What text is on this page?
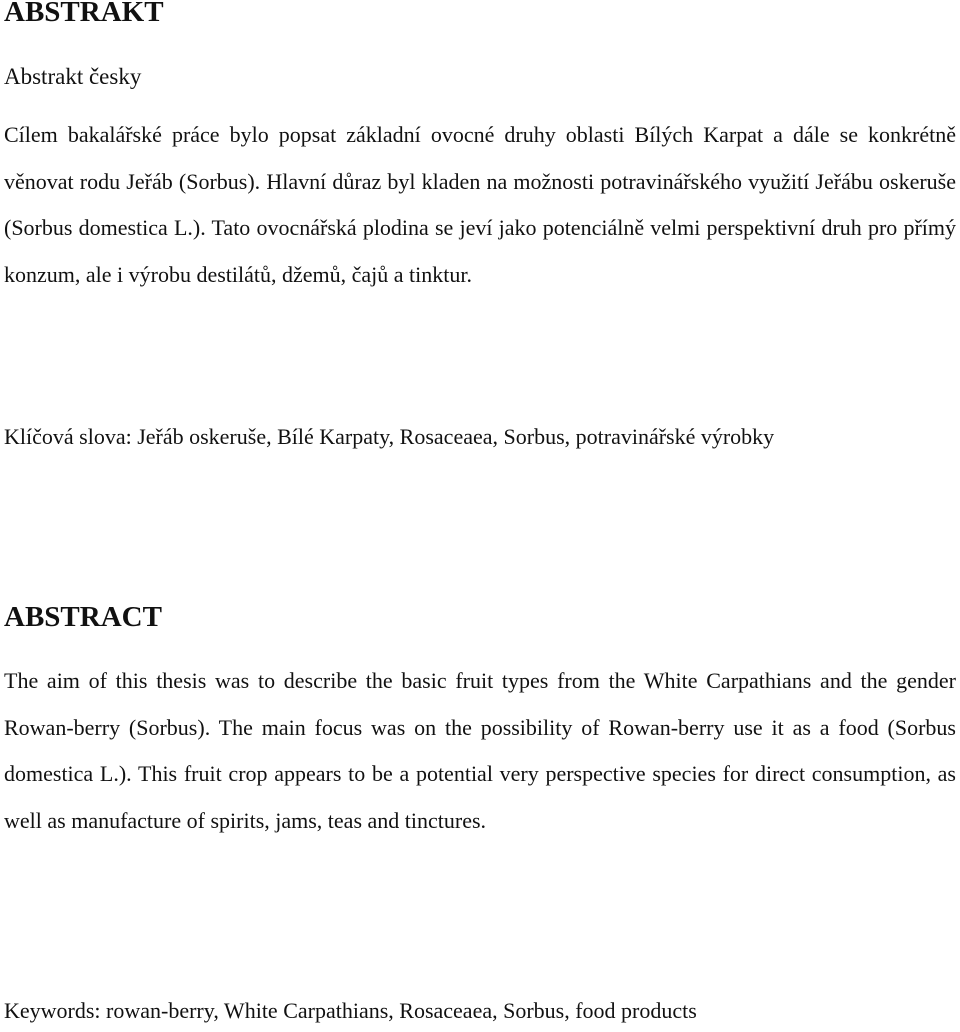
ABSTRAKT
Abstrakt česky

Cílem bakalářské práce bylo popsat základní ovocné druhy oblasti Bílých Karpat a dále se konkrétně věnovat rodu Jeřáb (Sorbus). Hlavní důraz byl kladen na možnosti potravinářského využití Jeřábu oskeruše (Sorbus domestica L.). Tato ovocnářská plodina se jeví jako potenciálně velmi perspektivní druh pro přímý konzum, ale i výrobu destilátů, džemů, čajů a tinktur.

Klíčová slova: Jeřáb oskeruše, Bílé Karpaty, Rosaceaea, Sorbus, potravinářské výrobky

ABSTRACT

The aim of this thesis was to describe the basic fruit types from the White Carpathians and the gender Rowan-berry (Sorbus). The main focus was on the possibility of Rowan-berry use it as a food (Sorbus domestica L.). This fruit crop appears to be a potential very perspective species for direct consumption, as well as manufacture of spirits, jams, teas and tinctures.

Keywords: rowan-berry, White Carpathians, Rosaceaea, Sorbus, food products
